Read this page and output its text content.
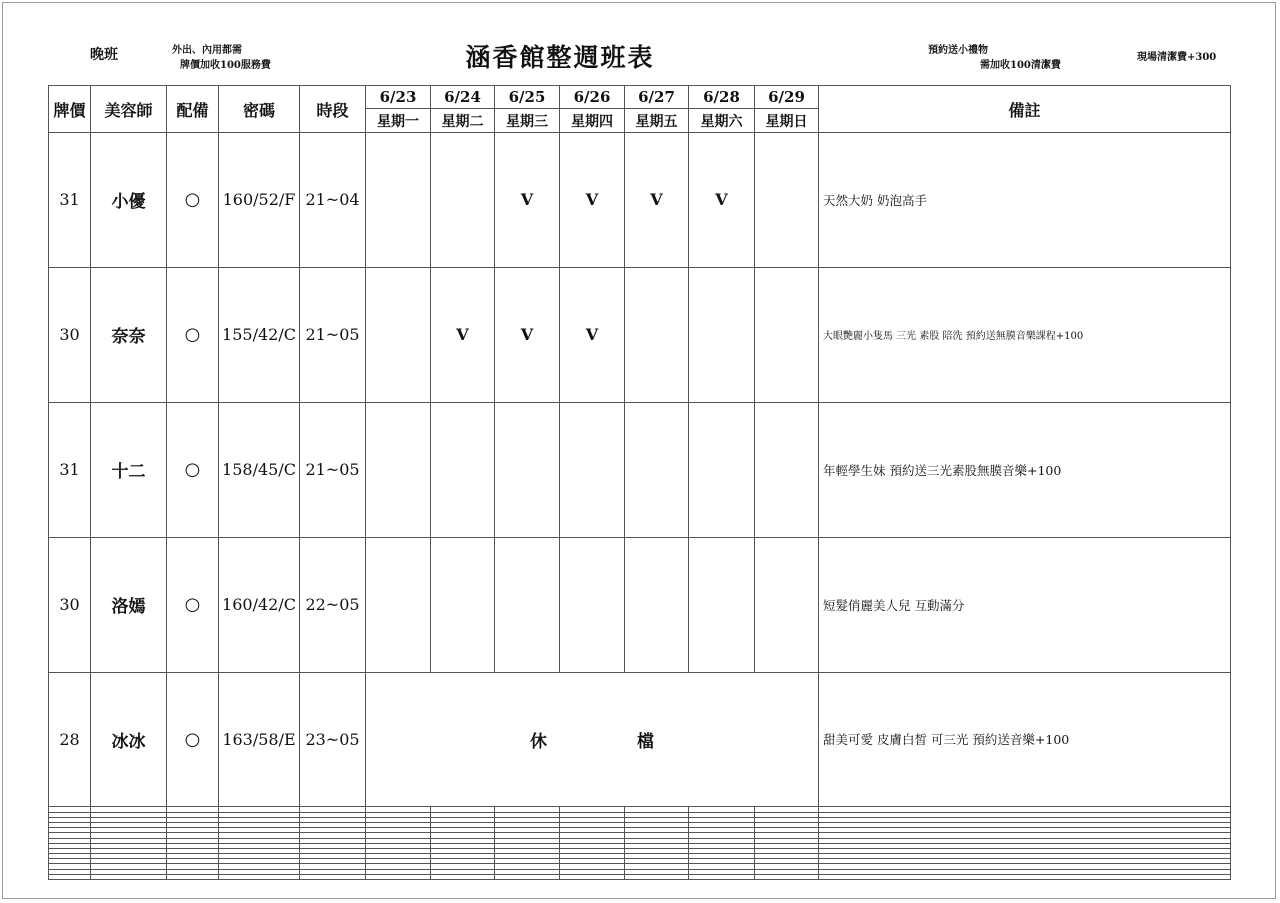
晚班	外出、內用都需
牌價加收100服務費	涵香館整週班表	預約送小禮物
需加收100清潔費
現場清潔費+300
牌價	美容師	配備	密碼	時段	6/23	6/24	6/25	6/26	6/27	6/28	6/29	備註
					星期一	星期二	星期三	星期四	星期五	星期六	星期日	
31	小優	○	160/52/F	21~04			V	V	V	V		天然大奶 奶泡高手
30	奈奈	○	155/42/C	21~05		V	V	V				大眼艷麗小隻馬 三光 素股 陪洗 預約送無膜音樂課程+100
31	十二	○	158/45/C	21~05								年輕學生妹 預約送三光素股無膜音樂+100
30	洛嫣	○	160/42/C	22~05								短髮俏麗美人兒 互動滿分
28	冰冰	○	163/58/E	23~05	休 檔							甜美可愛 皮膚白皙 可三光 預約送音樂+100
